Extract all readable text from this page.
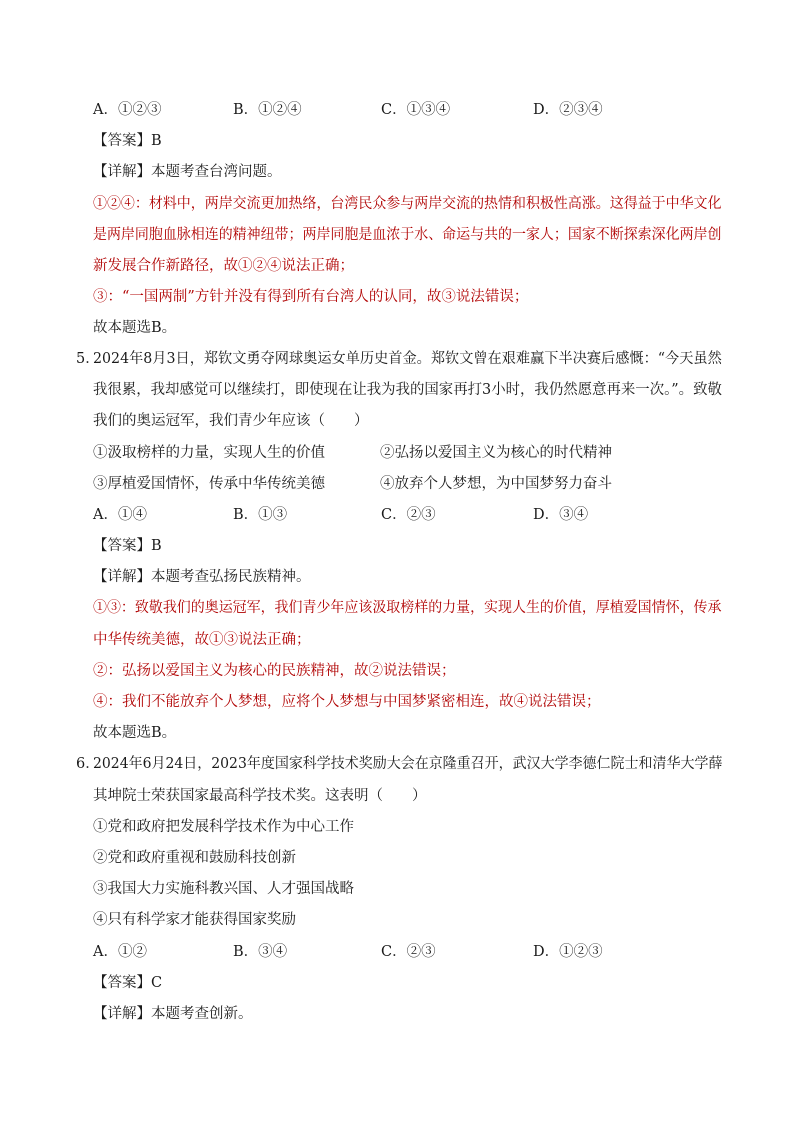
A．①②③	B．①②④	C．①③④	D．②③④
【答案】B
【详解】本题考查台湾问题。
①②④：材料中，两岸交流更加热络，台湾民众参与两岸交流的热情和积极性高涨。这得益于中华文化
是两岸同胞血脉相连的精神纽带；两岸同胞是血浓于水、命运与共的一家人；国家不断探索深化两岸创
新发展合作新路径，故①②④说法正确；
③：“一国两制”方针并没有得到所有台湾人的认同，故③说法错误；
故本题选B。
5．
2024年8月3日，郑钦文勇夺网球奥运女单历史首金。郑钦文曾在艰难赢下半决赛后感慨：“今天虽然
我很累，我却感觉可以继续打，即使现在让我为我的国家再打3小时，我仍然愿意再来一次。”。致敬
我们的奥运冠军，我们青少年应该（　　）
①汲取榜样的力量，实现人生的价值	②弘扬以爱国主义为核心的时代精神
③厚植爱国情怀，传承中华传统美德	④放弃个人梦想，为中国梦努力奋斗
A．①④	B．①③	C．②③	D．③④
【答案】B
【详解】本题考查弘扬民族精神。
①③：致敬我们的奥运冠军，我们青少年应该汲取榜样的力量，实现人生的价值，厚植爱国情怀，传承
中华传统美德，故①③说法正确；
②：弘扬以爱国主义为核心的民族精神，故②说法错误；
④：我们不能放弃个人梦想，应将个人梦想与中国梦紧密相连，故④说法错误；
故本题选B。
6．
2024年6月24日，2023年度国家科学技术奖励大会在京隆重召开，武汉大学李德仁院士和清华大学薛
其坤院士荣获国家最高科学技术奖。这表明（　　）
①党和政府把发展科学技术作为中心工作
②党和政府重视和鼓励科技创新
③我国大力实施科教兴国、人才强国战略
④只有科学家才能获得国家奖励
A．①②	B．③④	C．②③	D．①②③
【答案】C
【详解】本题考查创新。
